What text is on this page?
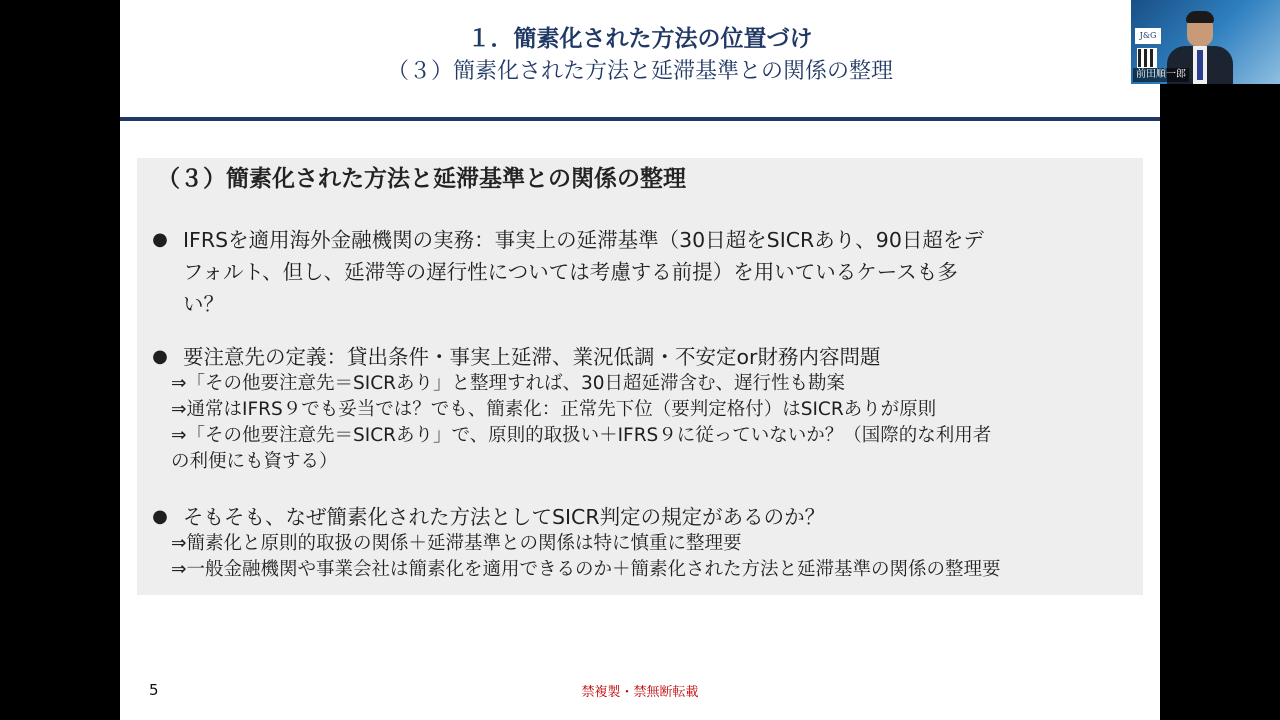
１．簡素化された方法の位置づけ
（３）簡素化された方法と延滞基準との関係の整理
（３）簡素化された方法と延滞基準との関係の整理
● IFRSを適用海外金融機関の実務：事実上の延滞基準（30日超をSICRあり、90日超をデ
フォルト、但し、延滞等の遅行性については考慮する前提）を用いているケースも多
い？
● 要注意先の定義：貸出条件・事実上延滞、業況低調・不安定or財務内容問題
⇒「その他要注意先＝SICRあり」と整理すれば、30日超延滞含む、遅行性も勘案
⇒通常はIFRS９でも妥当では？でも、簡素化：正常先下位（要判定格付）はSICRありが原則
⇒「その他要注意先＝SICRあり」で、原則的取扱い＋IFRS９に従っていないか？（国際的な利用者
の利便にも資する）
● そもそも、なぜ簡素化された方法としてSICR判定の規定があるのか？
⇒簡素化と原則的取扱の関係＋延滞基準との関係は特に慎重に整理要
⇒一般金融機関や事業会社は簡素化を適用できるのか＋簡素化された方法と延滞基準の関係の整理要
5	禁複製・禁無断転載
J&G
前田順一郎
